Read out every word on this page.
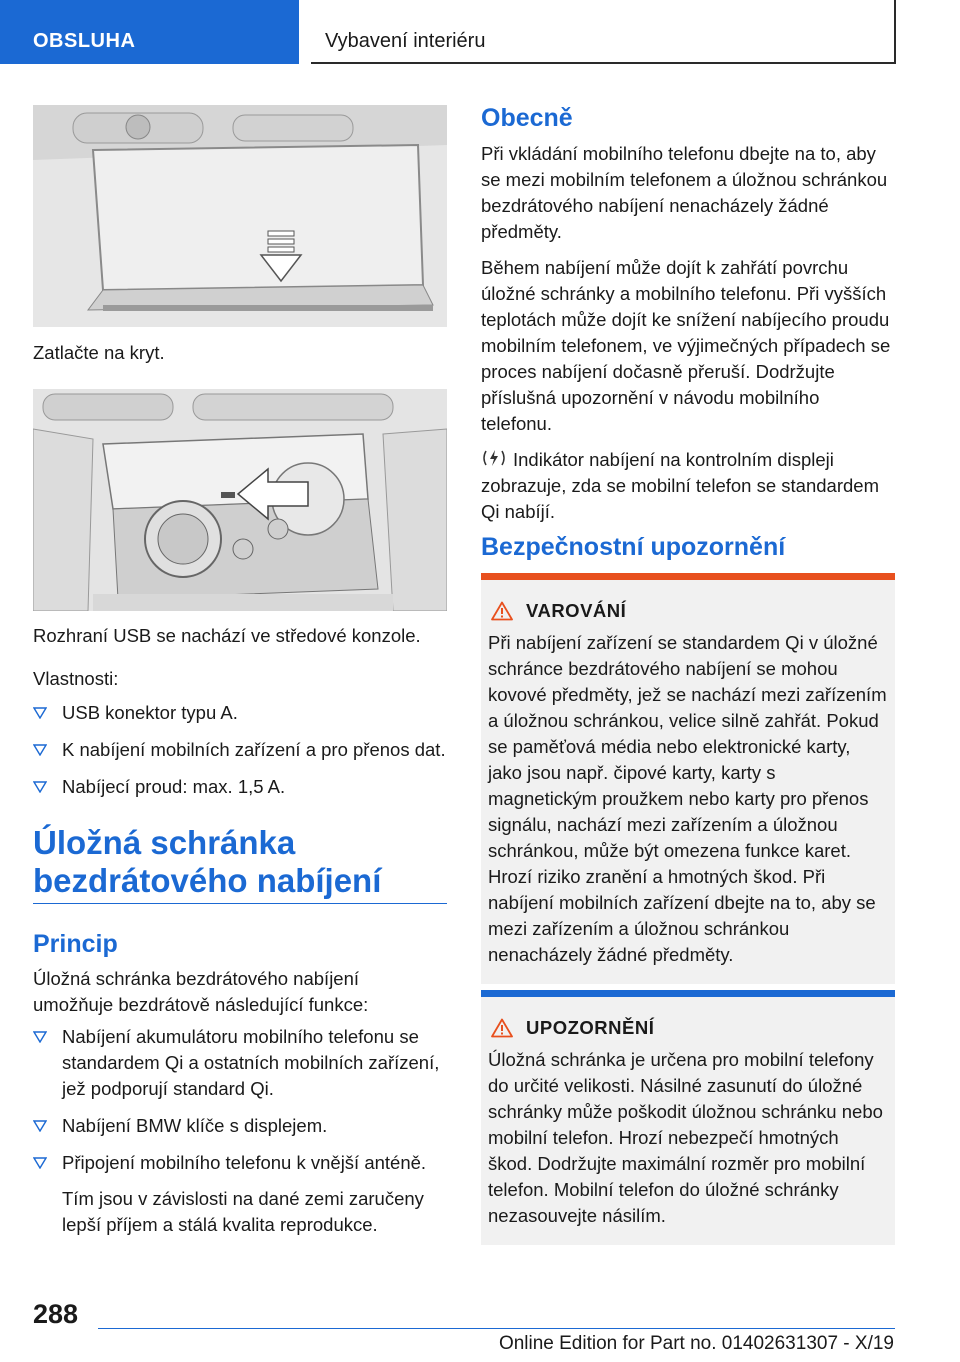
OBSLUHA	Vybavení interiéru
Zatlačte na kryt.
Rozhraní USB se nachází ve středové konzole.
Vlastnosti:
USB konektor typu A.
K nabíjení mobilních zařízení a pro přenos dat.
Nabíjecí proud: max. 1,5 A.
Úložná schránka bezdrátového nabíjení
Princip
Úložná schránka bezdrátového nabíjení umožňuje bezdrátově následující funkce:
Nabíjení akumulátoru mobilního telefonu se standardem Qi a ostatních mobilních zařízení, jež podporují standard Qi.
Nabíjení BMW klíče s displejem.
Připojení mobilního telefonu k vnější anténě.
Tím jsou v závislosti na dané zemi zaručeny lepší příjem a stálá kvalita reprodukce.
Obecně

Při vkládání mobilního telefonu dbejte na to, aby se mezi mobilním telefonem a úložnou schránkou bezdrátového nabíjení nenacházely žádné předměty.

Během nabíjení může dojít k zahřátí povrchu úložné schránky a mobilního telefonu. Při vyšších teplotách může dojít ke snížení nabíjecího proudu mobilním telefonem, ve výjimečných případech se proces nabíjení dočasně přeruší. Dodržujte příslušná upozornění v návodu mobilního telefonu.

Indikátor nabíjení na kontrolním displeji zobrazuje, zda se mobilní telefon se standardem Qi nabíjí.

Bezpečnostní upozornění
VAROVÁNÍ
Při nabíjení zařízení se standardem Qi v úložné schránce bezdrátového nabíjení se mohou kovové předměty, jež se nachází mezi zařízením a úložnou schránkou, velice silně zahřát. Pokud se paměťová média nebo elektronické karty, jako jsou např. čipové karty, karty s magnetickým proužkem nebo karty pro přenos signálu, nachází mezi zařízením a úložnou schránkou, může být omezena funkce karet. Hrozí riziko zranění a hmotných škod. Při nabíjení mobilních zařízení dbejte na to, aby se mezi zařízením a úložnou schránkou nenacházely žádné předměty.
UPOZORNĚNÍ
Úložná schránka je určena pro mobilní telefony do určité velikosti. Násilné zasunutí do úložné schránky může poškodit úložnou schránku nebo mobilní telefon. Hrozí nebezpečí hmotných škod. Dodržujte maximální rozměr pro mobilní telefon. Mobilní telefon do úložné schránky nezasouvejte násilím.
288
Online Edition for Part no. 01402631307 - X/19
